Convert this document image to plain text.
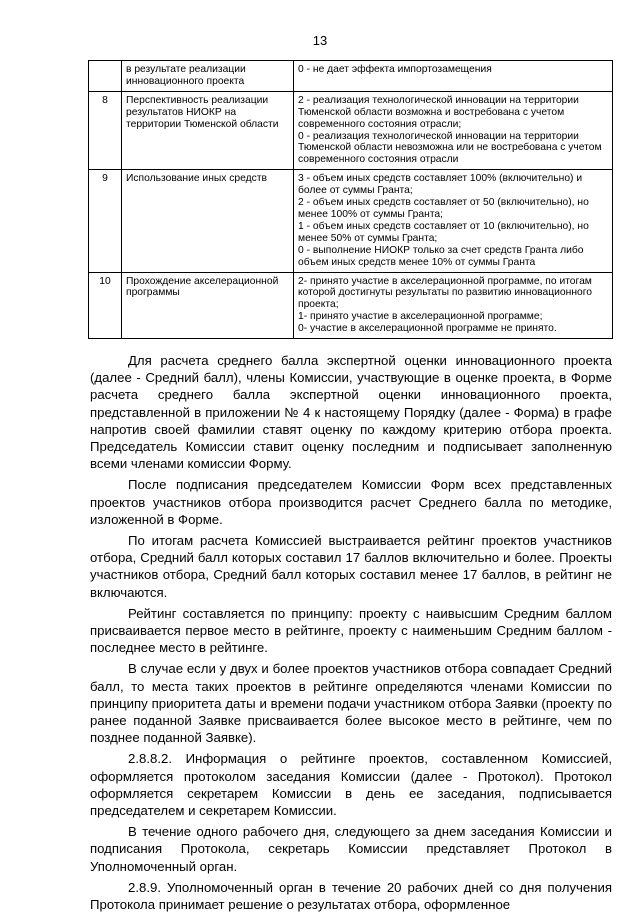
13
	в результате реализации инновационного проекта	0 - не дает эффекта импортозамещения

8	Перспективность реализации результатов НИОКР на территории Тюменской области	2 - реализация технологической инновации на территории Тюменской области возможна и востребована с учетом современного состояния отрасли;
0 - реализация технологической инновации на территории Тюменской области невозможна или не востребована с учетом современного состояния отрасли

9	Использование иных средств	3 - объем иных средств составляет 100% (включительно) и более от суммы Гранта;
2 - объем иных средств составляет от 50 (включительно), но менее 100% от суммы Гранта;
1 - объем иных средств составляет от 10 (включительно), но менее 50% от суммы Гранта;
0 - выполнение НИОКР только за счет средств Гранта либо объем иных средств менее 10% от суммы Гранта

10	Прохождение акселерационной программы	2- принято участие в акселерационной программе, по итогам которой достигнуты результаты по развитию инновационного проекта;
1- принято участие в акселерационной программе;
0- участие в акселерационной программе не принято.

Для расчета среднего балла экспертной оценки инновационного проекта (далее - Средний балл), члены Комиссии, участвующие в оценке проекта, в Форме расчета среднего балла экспертной оценки инновационного проекта, представленной в приложении № 4 к настоящему Порядку (далее - Форма) в графе напротив своей фамилии ставят оценку по каждому критерию отбора проекта. Председатель Комиссии ставит оценку последним и подписывает заполненную всеми членами комиссии Форму.

После подписания председателем Комиссии Форм всех представленных проектов участников отбора производится расчет Среднего балла по методике, изложенной в Форме.

По итогам расчета Комиссией выстраивается рейтинг проектов участников отбора, Средний балл которых составил 17 баллов включительно и более. Проекты участников отбора, Средний балл которых составил менее 17 баллов, в рейтинг не включаются.

Рейтинг составляется по принципу: проекту с наивысшим Средним баллом присваивается первое место в рейтинге, проекту с наименьшим Средним баллом - последнее место в рейтинге.

В случае если у двух и более проектов участников отбора совпадает Средний балл, то места таких проектов в рейтинге определяются членами Комиссии по принципу приоритета даты и времени подачи участником отбора Заявки (проекту по ранее поданной Заявке присваивается более высокое место в рейтинге, чем по позднее поданной Заявке).

2.8.8.2. Информация о рейтинге проектов, составленном Комиссией, оформляется протоколом заседания Комиссии (далее - Протокол). Протокол оформляется секретарем Комиссии в день ее заседания, подписывается председателем и секретарем Комиссии.

В течение одного рабочего дня, следующего за днем заседания Комиссии и подписания Протокола, секретарь Комиссии представляет Протокол в Уполномоченный орган.

2.8.9. Уполномоченный орган в течение 20 рабочих дней со дня получения Протокола принимает решение о результатах отбора, оформленное
